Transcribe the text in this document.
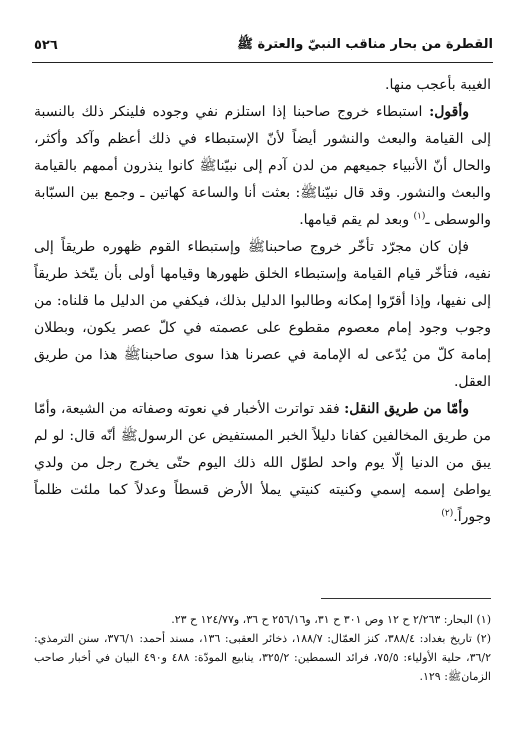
القطرة من بحار مناقب النبيّ والعترة ﷺ
٥٢٦

الغيبة بأعجب منها.

وأقول: استبطاء خروج صاحبنا إذا استلزم نفي وجوده فلينكر ذلك بالنسبة إلى القيامة والبعث والنشور أيضاً لأنّ الإستبطاء في ذلك أعظم وآكد وأكثر، والحال أنّ الأنبياء جميعهم من لدن آدم إلى نبيّناﷺ كانوا ينذرون أممهم بالقيامة والبعث والنشور. وقد قال نبيّناﷺ: بعثت أنا والساعة كهاتين ـ وجمع بين السبّابة والوسطى ـ$^{(١)}$ وبعد لم يقم قيامها.

فإن كان مجرّد تأخّر خروج صاحبناﷺ وإستبطاء القوم ظهوره طريقاً إلى نفيه، فتأخّر قيام القيامة وإستبطاء الخلق ظهورها وقيامها أولى بأن يتّخذ طريقاً إلى نفيها، وإذا أقرّوا إمكانه وطالبوا الدليل بذلك، فيكفي من الدليل ما قلناه: من وجوب وجود إمام معصوم مقطوع على عصمته في كلّ عصر يكون، وبطلان إمامة كلّ من يُدّعى له الإمامة في عصرنا هذا سوى صاحبناﷺ هذا من طريق العقل.

وأمّا من طريق النقل: فقد تواترت الأخبار في نعوته وصفاته من الشيعة، وأمّا من طريق المخالفين كفانا دليلاً الخبر المستفيض عن الرسولﷺ أنّه قال: لو لم يبق من الدنيا إلّا يوم واحد لطوّل الله ذلك اليوم حتّى يخرج رجل من ولدي يواطئ إسمه إسمي وكنيته كنيتي يملأ الأرض قسطاً وعدلاً كما ملئت ظلماً وجوراً.$^{(٢)}$

(١) البحار: ٢/٢٦٣ ح ١٢ وص ٣٠١ ح ٣١، و٢٥٦/١٦ ح ٣٦، و١٢٤/٧٧ ح ٢٣.

(٢) تاريخ بغداد: ٣٨٨/٤، كنز العمّال: ١٨٨/٧، ذخائر العقبى: ١٣٦، مسند أحمد: ٣٧٦/١، سنن الترمذي: ٣٦/٢، حلية الأولياء: ٧٥/٥، فرائد السمطين: ٣٢٥/٢، ينابيع المودّة: ٤٨٨ و٤٩٠ البيان في أخبار صاحب الزمانﷺ: ١٢٩.
